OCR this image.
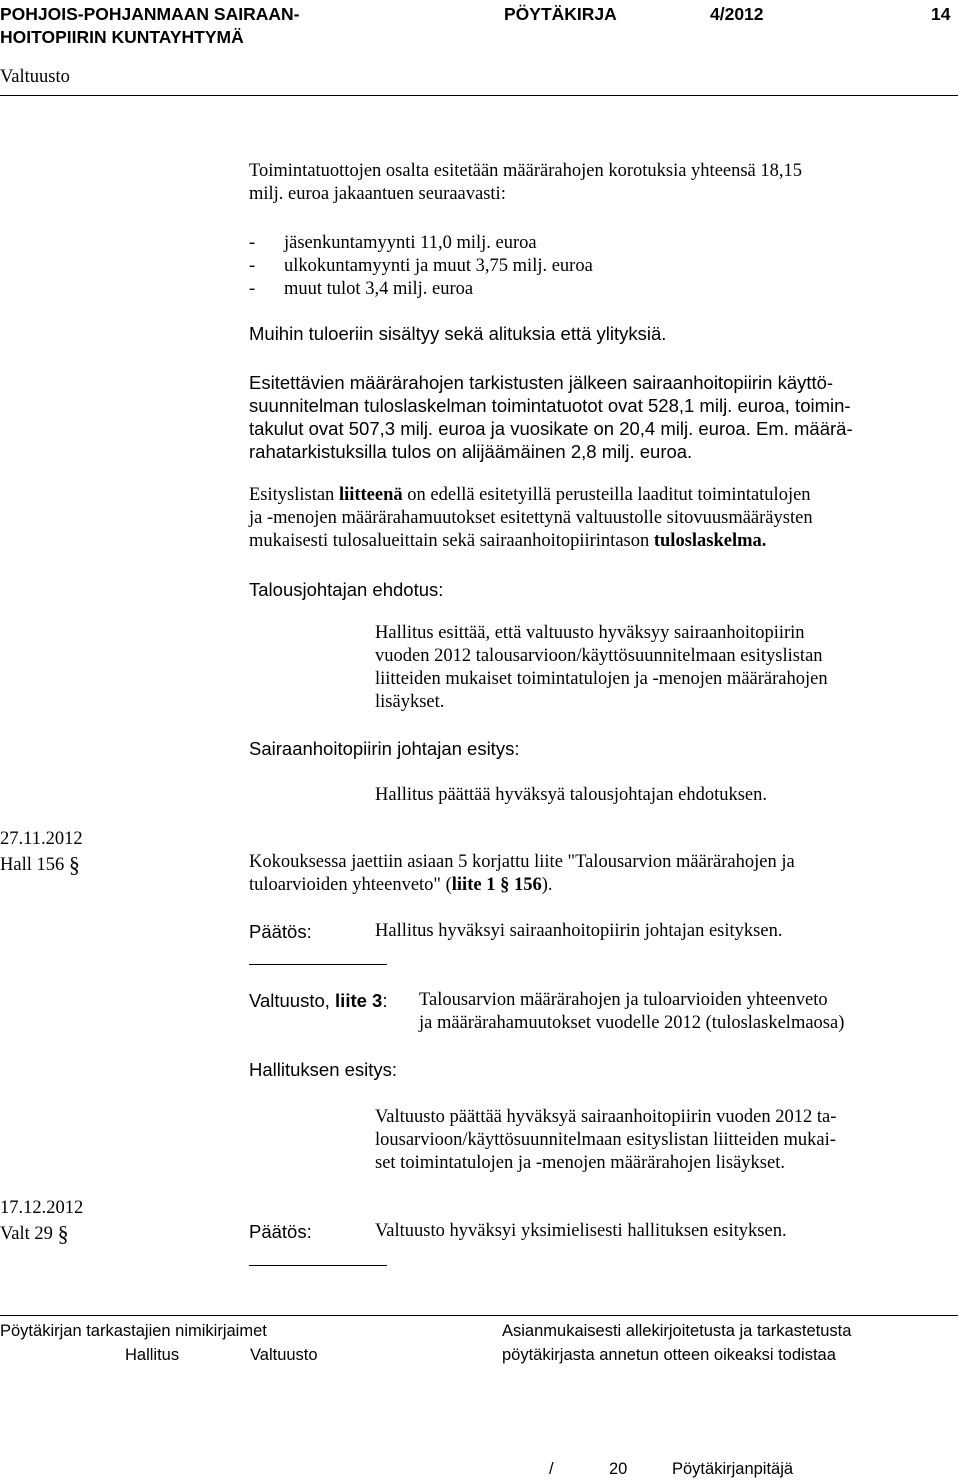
POHJOIS-POHJANMAAN SAIRAAN-
HOITOPIIRIN KUNTAYHTYMÄ
PÖYTÄKIRJA	4/2012	14
Valtuusto
Toimintatuottojen osalta esitetään määrärahojen korotuksia yhteensä 18,15
milj. euroa jakaantuen seuraavasti:
- jäsenkuntamyynti 11,0 milj. euroa
- ulkokuntamyynti ja muut 3,75 milj. euroa
- muut tulot 3,4 milj. euroa
Muihin tuloeriin sisältyy sekä alituksia että ylityksiä.
Esitettävien määrärahojen tarkistusten jälkeen sairaanhoitopiirin käyttö-
suunnitelman tuloslaskelman toimintatuotot ovat 528,1 milj. euroa, toimin-
takulut ovat 507,3 milj. euroa ja vuosikate on 20,4 milj. euroa. Em. määrä-
rahatarkistuksilla tulos on alijäämäinen 2,8 milj. euroa.
Esityslistan liitteenä on edellä esitetyillä perusteilla laaditut toimintatulojen
ja -menojen määrärahamuutokset esitettynä valtuustolle sitovuusmääräysten
mukaisesti tulosalueittain sekä sairaanhoitopiirintason tuloslaskelma.
Talousjohtajan ehdotus:
Hallitus esittää, että valtuusto hyväksyy sairaanhoitopiirin
vuoden 2012 talousarvioon/käyttösuunnitelmaan esityslistan
liitteiden mukaiset toimintatulojen ja -menojen määrärahojen
lisäykset.
Sairaanhoitopiirin johtajan esitys:
Hallitus päättää hyväksyä talousjohtajan ehdotuksen.
27.11.2012
Hall 156 §	Kokouksessa jaettiin asiaan 5 korjattu liite "Talousarvion määrärahojen ja
tuloarvioiden yhteenveto" (liite 1 § 156).
Päätös:	Hallitus hyväksyi sairaanhoitopiirin johtajan esityksen.
Valtuusto, liite 3: Talousarvion määrärahojen ja tuloarvioiden yhteenveto
ja määrärahamuutokset vuodelle 2012 (tuloslaskelmaosa)
Hallituksen esitys:
Valtuusto päättää hyväksyä sairaanhoitopiirin vuoden 2012 ta-
lousarvioon/käyttösuunnitelmaan esityslistan liitteiden mukai-
set toimintatulojen ja -menojen määrärahojen lisäykset.
17.12.2012
Valt 29 §	Päätös:	Valtuusto hyväksyi yksimielisesti hallituksen esityksen.
Pöytäkirjan tarkastajien nimikirjaimet
Hallitus	Valtuusto
Asianmukaisesti allekirjoitetusta ja tarkastetusta
pöytäkirjasta annetun otteen oikeaksi todistaa
/	20	Pöytäkirjanpitäjä
